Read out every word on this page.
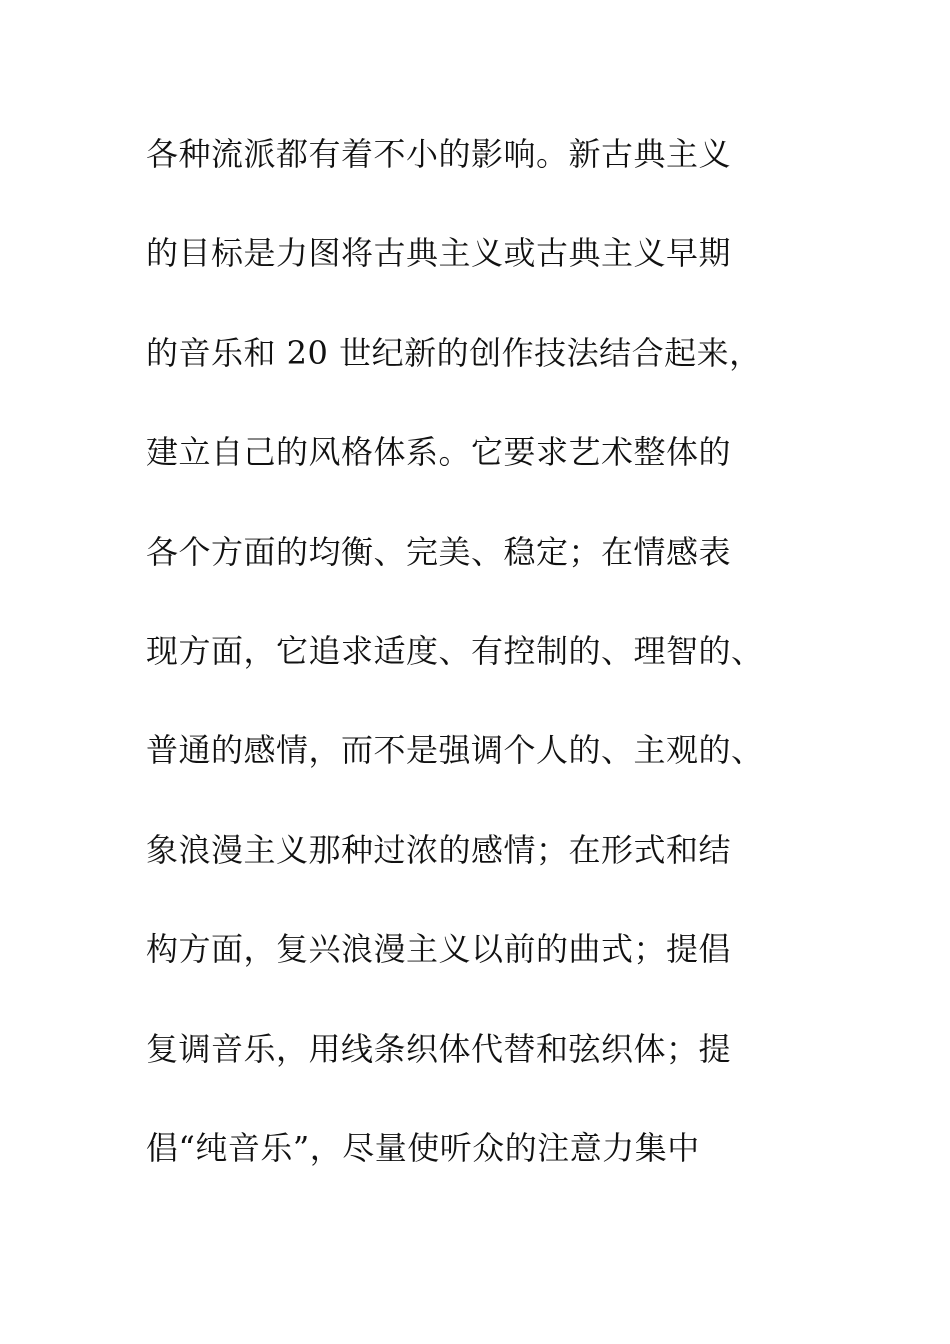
各种流派都有着不小的影响。新古典主义
的目标是力图将古典主义或古典主义早期
的音乐和 20 世纪新的创作技法结合起来，
建立自己的风格体系。它要求艺术整体的
各个方面的均衡、完美、稳定；在情感表
现方面，它追求适度、有控制的、理智的、
普通的感情，而不是强调个人的、主观的、
象浪漫主义那种过浓的感情；在形式和结
构方面，复兴浪漫主义以前的曲式；提倡
复调音乐，用线条织体代替和弦织体；提
倡“纯音乐”，尽量使听众的注意力集中
